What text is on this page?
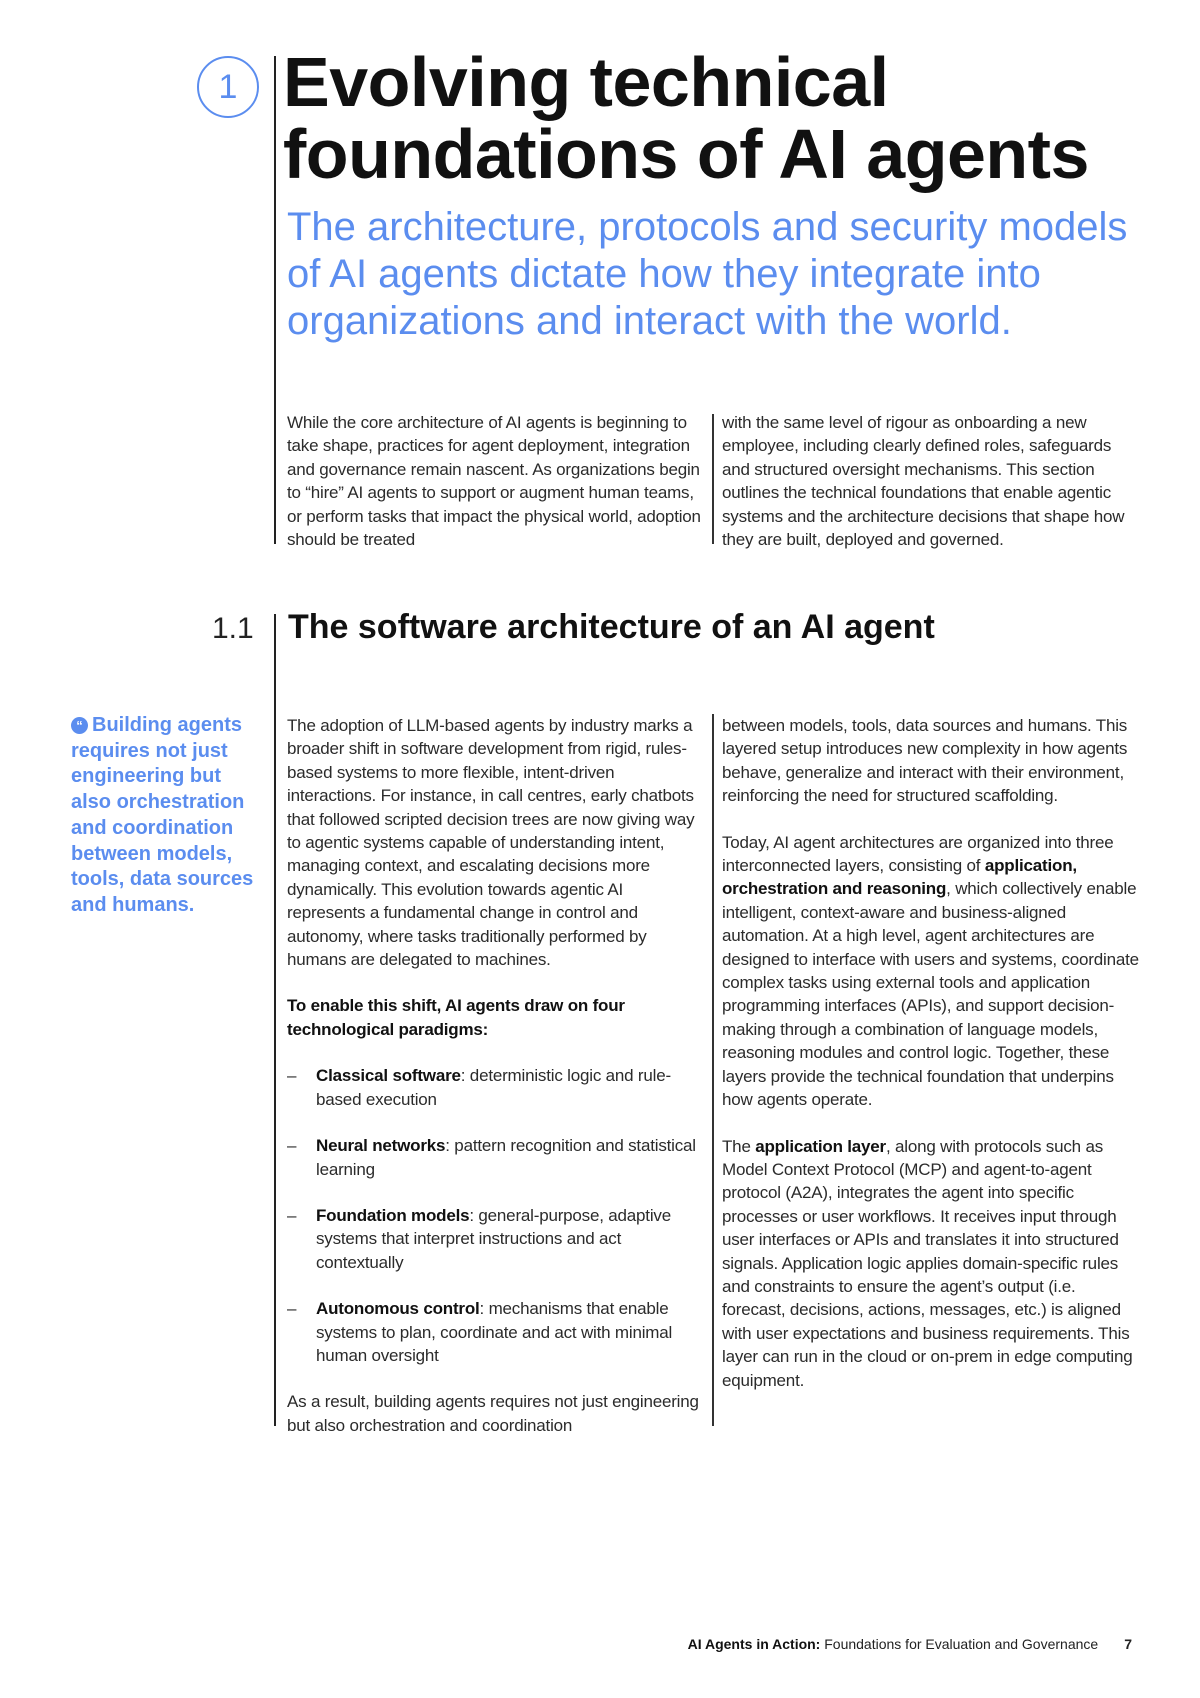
1 Evolving technical foundations of AI agents
The architecture, protocols and security models of AI agents dictate how they integrate into organizations and interact with the world.

While the core architecture of AI agents is beginning to take shape, practices for agent deployment, integration and governance remain nascent. As organizations begin to “hire” AI agents to support or augment human teams, or perform tasks that impact the physical world, adoption should be treated

with the same level of rigour as onboarding a new employee, including clearly defined roles, safeguards and structured oversight mechanisms. This section outlines the technical foundations that enable agentic systems and the architecture decisions that shape how they are built, deployed and governed.

1.1 The software architecture of an AI agent
“ Building agents requires not just engineering but also orchestration and coordination between models, tools, data sources and humans.

The adoption of LLM-based agents by industry marks a broader shift in software development from rigid, rules-based systems to more flexible, intent-driven interactions. For instance, in call centres, early chatbots that followed scripted decision trees are now giving way to agentic systems capable of understanding intent, managing context, and escalating decisions more dynamically. This evolution towards agentic AI represents a fundamental change in control and autonomy, where tasks traditionally performed by humans are delegated to machines.

To enable this shift, AI agents draw on four technological paradigms:

– Classical software: deterministic logic and rule-based execution
– Neural networks: pattern recognition and statistical learning
– Foundation models: general-purpose, adaptive systems that interpret instructions and act contextually
– Autonomous control: mechanisms that enable systems to plan, coordinate and act with minimal human oversight

As a result, building agents requires not just engineering but also orchestration and coordination

between models, tools, data sources and humans. This layered setup introduces new complexity in how agents behave, generalize and interact with their environment, reinforcing the need for structured scaffolding.

Today, AI agent architectures are organized into three interconnected layers, consisting of application, orchestration and reasoning, which collectively enable intelligent, context-aware and business-aligned automation. At a high level, agent architectures are designed to interface with users and systems, coordinate complex tasks using external tools and application programming interfaces (APIs), and support decision-making through a combination of language models, reasoning modules and control logic. Together, these layers provide the technical foundation that underpins how agents operate.

The application layer, along with protocols such as Model Context Protocol (MCP) and agent-to-agent protocol (A2A), integrates the agent into specific processes or user workflows. It receives input through user interfaces or APIs and translates it into structured signals. Application logic applies domain-specific rules and constraints to ensure the agent’s output (i.e. forecast, decisions, actions, messages, etc.) is aligned with user expectations and business requirements. This layer can run in the cloud or on-prem in edge computing equipment.

AI Agents in Action: Foundations for Evaluation and Governance 7
